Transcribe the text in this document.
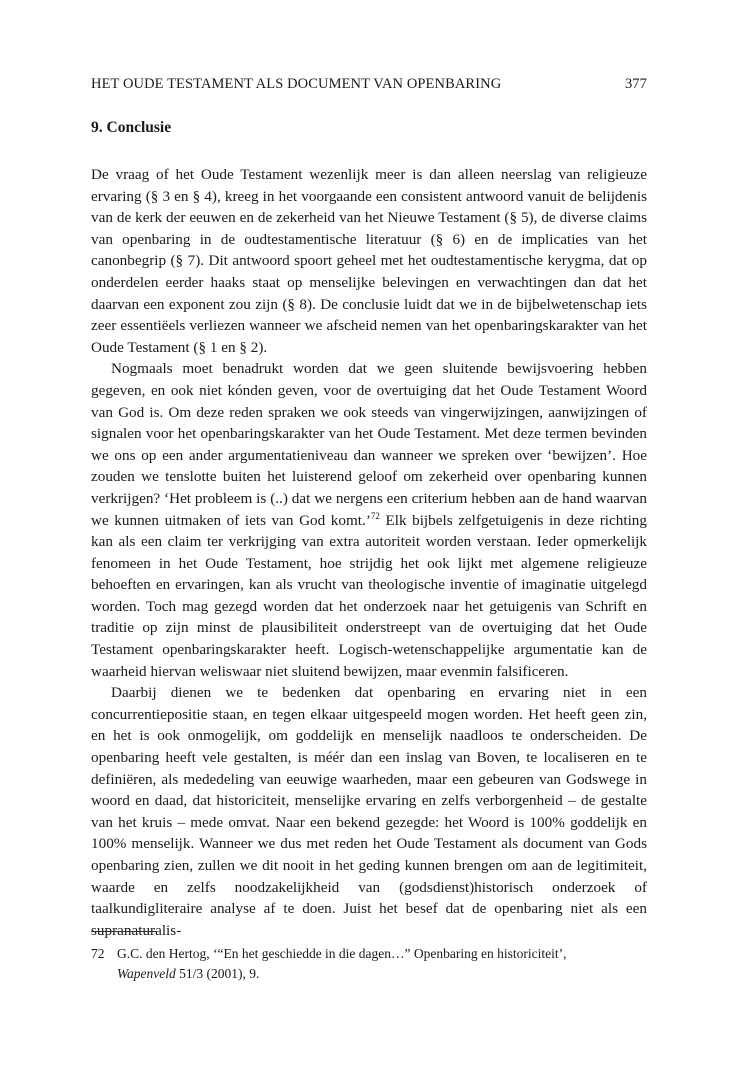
HET OUDE TESTAMENT ALS DOCUMENT VAN OPENBARING	377
9. Conclusie

De vraag of het Oude Testament wezenlijk meer is dan alleen neerslag van religieuze ervaring (§ 3 en § 4), kreeg in het voorgaande een consistent antwoord vanuit de belijdenis van de kerk der eeuwen en de zekerheid van het Nieuwe Testament (§ 5), de diverse claims van openbaring in de oudtestamentische literatuur (§ 6) en de implicaties van het canonbegrip (§ 7). Dit antwoord spoort geheel met het oudtestamentische kerygma, dat op onderdelen eerder haaks staat op menselijke belevingen en verwachtingen dan dat het daarvan een exponent zou zijn (§ 8). De conclusie luidt dat we in de bijbelwetenschap iets zeer essentiëels verliezen wanneer we afscheid nemen van het openbaringskarakter van het Oude Testament (§ 1 en § 2).

Nogmaals moet benadrukt worden dat we geen sluitende bewijsvoering hebben gegeven, en ook niet kónden geven, voor de overtuiging dat het Oude Testament Woord van God is. Om deze reden spraken we ook steeds van vingerwijzingen, aanwijzingen of signalen voor het openbaringskarakter van het Oude Testament. Met deze termen bevinden we ons op een ander argumentatieniveau dan wanneer we spreken over ‘bewijzen’. Hoe zouden we tenslotte buiten het luisterend geloof om zekerheid over openbaring kunnen verkrijgen? ‘Het probleem is (..) dat we nergens een criterium hebben aan de hand waarvan we kunnen uitmaken of iets van God komt.’$^{72}$ Elk bijbels zelfgetuigenis in deze richting kan als een claim ter verkrijging van extra autoriteit worden verstaan. Ieder opmerkelijk fenomeen in het Oude Testament, hoe strijdig het ook lijkt met algemene religieuze behoeften en ervaringen, kan als vrucht van theologische inventie of imaginatie uitgelegd worden. Toch mag gezegd worden dat het onderzoek naar het getuigenis van Schrift en traditie op zijn minst de plausibiliteit onderstreept van de overtuiging dat het Oude Testament openbaringskarakter heeft. Logisch-wetenschappelijke argumentatie kan de waarheid hiervan weliswaar niet sluitend bewijzen, maar evenmin falsificeren.

Daarbij dienen we te bedenken dat openbaring en ervaring niet in een concurrentiepositie staan, en tegen elkaar uitgespeeld mogen worden. Het heeft geen zin, en het is ook onmogelijk, om goddelijk en menselijk naadloos te onderscheiden. De openbaring heeft vele gestalten, is méér dan een inslag van Boven, te localiseren en te definiëren, als mededeling van eeuwige waarheden, maar een gebeuren van Godswege in woord en daad, dat historiciteit, menselijke ervaring en zelfs verborgenheid – de gestalte van het kruis – mede omvat. Naar een bekend gezegde: het Woord is 100% goddelijk en 100% menselijk. Wanneer we dus met reden het Oude Testament als document van Gods openbaring zien, zullen we dit nooit in het geding kunnen brengen om aan de legitimiteit, waarde en zelfs noodzakelijkheid van (godsdienst)historisch onderzoek of taalkundigliteraire analyse af te doen. Juist het besef dat de openbaring niet als een supranaturalis-

72 G.C. den Hertog, ‘“En het geschiedde in die dagen…” Openbaring en historiciteit’,
Wapenveld 51/3 (2001), 9.
